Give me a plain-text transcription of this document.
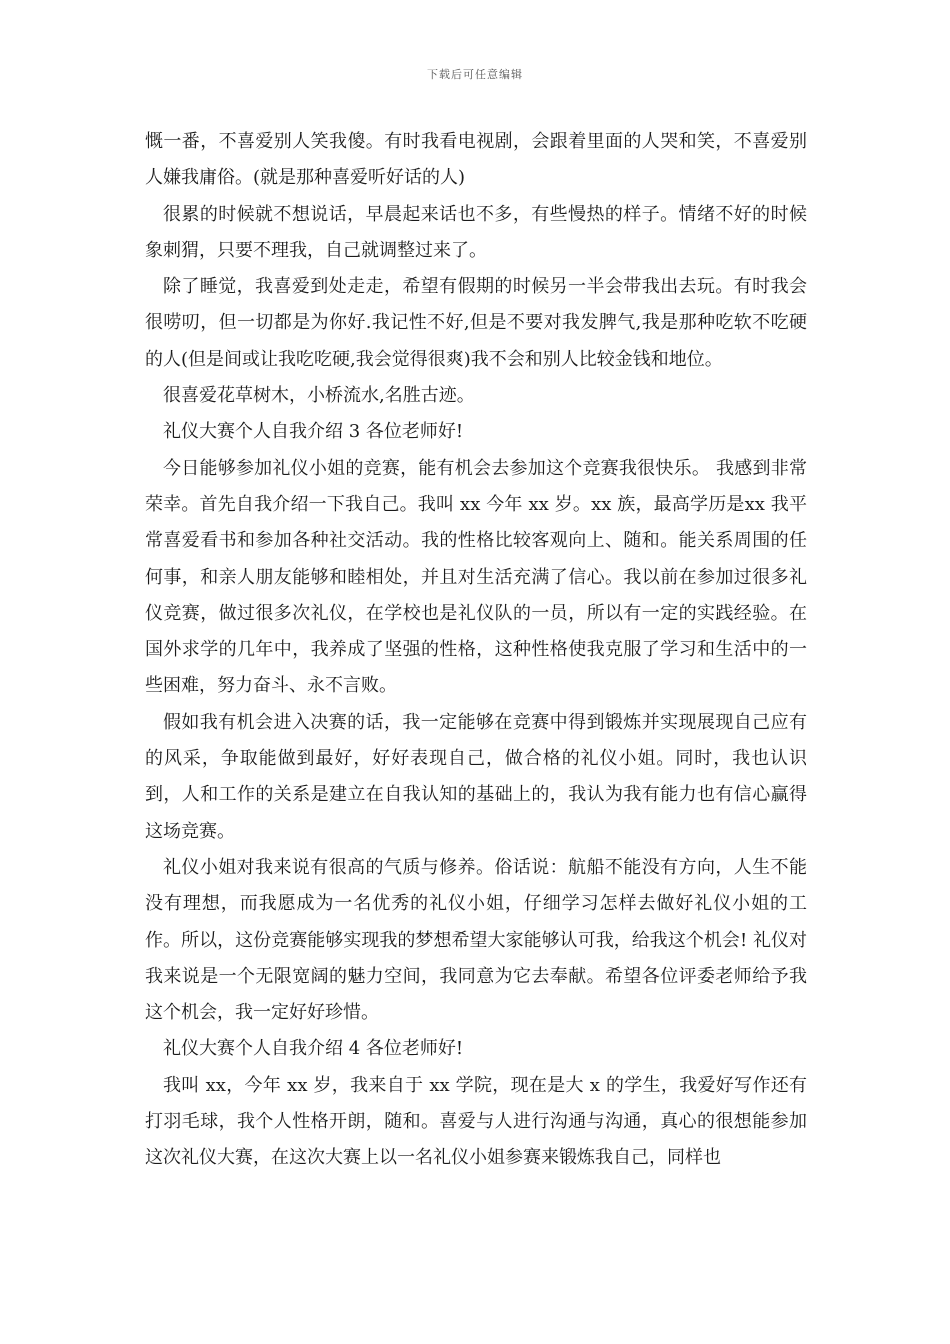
下载后可任意编辑

慨一番，不喜爱别人笑我傻。有时我看电视剧，会跟着里面的人哭和笑，不喜爱别人嫌我庸俗。(就是那种喜爱听好话的人)

很累的时候就不想说话，早晨起来话也不多，有些慢热的样子。情绪不好的时候象刺猬，只要不理我，自己就调整过来了。

除了睡觉，我喜爱到处走走，希望有假期的时候另一半会带我出去玩。有时我会很唠叨，但一切都是为你好.我记性不好,但是不要对我发脾气,我是那种吃软不吃硬的人(但是间或让我吃吃硬,我会觉得很爽)我不会和别人比较金钱和地位。

很喜爱花草树木，小桥流水,名胜古迹。

礼仪大赛个人自我介绍 3 各位老师好!

今日能够参加礼仪小姐的竞赛，能有机会去参加这个竞赛我很快乐。 我感到非常荣幸。首先自我介绍一下我自己。我叫 xx 今年 xx 岁。xx 族，最高学历是xx 我平常喜爱看书和参加各种社交活动。我的性格比较客观向上、随和。能关系周围的任何事，和亲人朋友能够和睦相处，并且对生活充满了信心。我以前在参加过很多礼仪竞赛，做过很多次礼仪，在学校也是礼仪队的一员，所以有一定的实践经验。在国外求学的几年中，我养成了坚强的性格，这种性格使我克服了学习和生活中的一些困难，努力奋斗、永不言败。

假如我有机会进入决赛的话，我一定能够在竞赛中得到锻炼并实现展现自己应有的风采，争取能做到最好，好好表现自己，做合格的礼仪小姐。同时，我也认识到，人和工作的关系是建立在自我认知的基础上的，我认为我有能力也有信心赢得这场竞赛。

礼仪小姐对我来说有很高的气质与修养。俗话说：航船不能没有方向，人生不能没有理想，而我愿成为一名优秀的礼仪小姐，仔细学习怎样去做好礼仪小姐的工作。所以，这份竞赛能够实现我的梦想希望大家能够认可我，给我这个机会! 礼仪对我来说是一个无限宽阔的魅力空间，我同意为它去奉献。希望各位评委老师给予我这个机会，我一定好好珍惜。

礼仪大赛个人自我介绍 4 各位老师好!

我叫 xx，今年 xx 岁，我来自于 xx 学院，现在是大 x 的学生，我爱好写作还有打羽毛球，我个人性格开朗，随和。喜爱与人进行沟通与沟通，真心的很想能参加这次礼仪大赛，在这次大赛上以一名礼仪小姐参赛来锻炼我自己，同样也
